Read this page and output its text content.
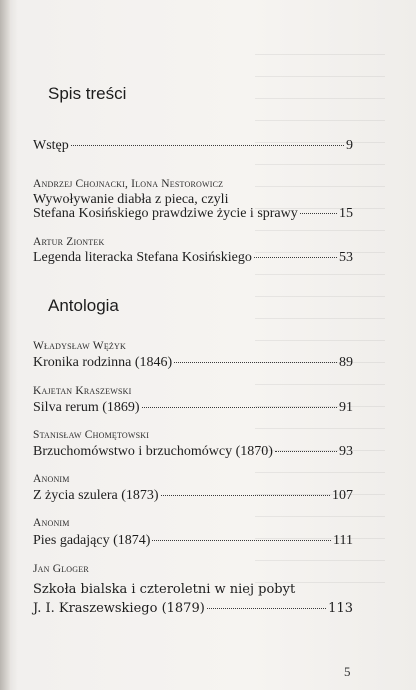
Spis treści
Wstęp	9
Andrzej Chojnacki, Ilona Nestorowicz
Wywoływanie diabła z pieca, czyli
Stefana Kosińskiego prawdziwe życie i sprawy	15
Artur Ziontek
Legenda literacka Stefana Kosińskiego	53
Antologia
Władysław Wężyk
Kronika rodzinna (1846)	89
Kajetan Kraszewski
Silva rerum (1869)	91
Stanisław Chomętowski
Brzuchomówstwo i brzuchomówcy (1870)	93
Anonim
Z życia szulera (1873)	107
Anonim
Pies gadający (1874)	111
Jan Gloger
Szkoła bialska i czteroletni w niej pobyt
J. I. Kraszewskiego (1879)	113
5
